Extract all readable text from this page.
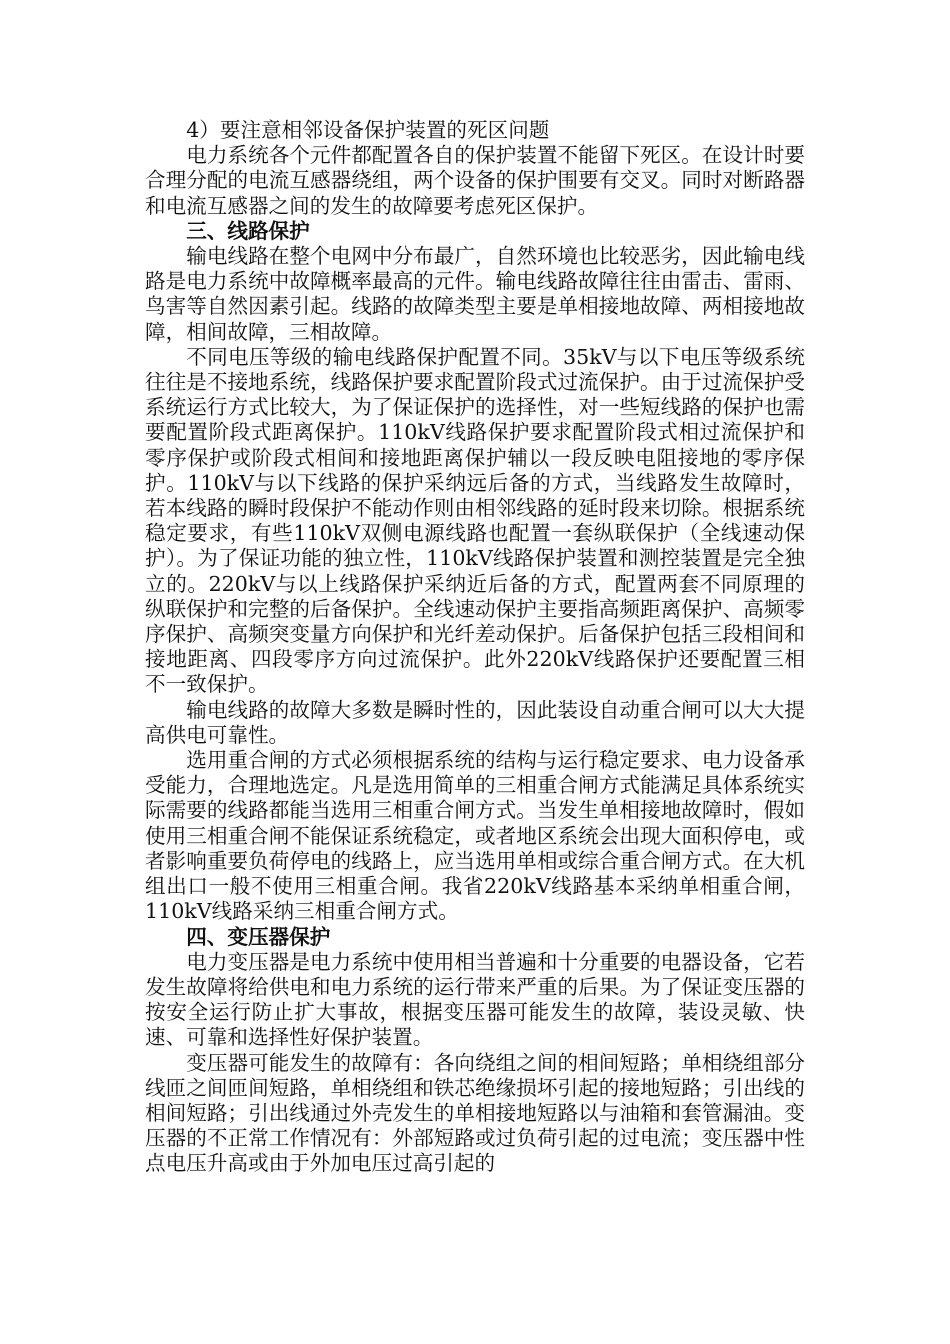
4）要注意相邻设备保护装置的死区问题

电力系统各个元件都配置各自的保护装置不能留下死区。在设计时要合理分配的电流互感器绕组，两个设备的保护围要有交叉。同时对断路器和电流互感器之间的发生的故障要考虑死区保护。

三、线路保护

输电线路在整个电网中分布最广，自然环境也比较恶劣，因此输电线路是电力系统中故障概率最高的元件。输电线路故障往往由雷击、雷雨、鸟害等自然因素引起。线路的故障类型主要是单相接地故障、两相接地故障，相间故障，三相故障。

不同电压等级的输电线路保护配置不同。35kV与以下电压等级系统往往是不接地系统，线路保护要求配置阶段式过流保护。由于过流保护受系统运行方式比较大，为了保证保护的选择性，对一些短线路的保护也需要配置阶段式距离保护。110kV线路保护要求配置阶段式相过流保护和零序保护或阶段式相间和接地距离保护辅以一段反映电阻接地的零序保护。110kV与以下线路的保护采纳远后备的方式，当线路发生故障时，若本线路的瞬时段保护不能动作则由相邻线路的延时段来切除。根据系统稳定要求，有些110kV双侧电源线路也配置一套纵联保护（全线速动保护）。为了保证功能的独立性，110kV线路保护装置和测控装置是完全独立的。220kV与以上线路保护采纳近后备的方式，配置两套不同原理的纵联保护和完整的后备保护。全线速动保护主要指高频距离保护、高频零序保护、高频突变量方向保护和光纤差动保护。后备保护包括三段相间和接地距离、四段零序方向过流保护。此外220kV线路保护还要配置三相不一致保护。

输电线路的故障大多数是瞬时性的，因此装设自动重合闸可以大大提高供电可靠性。

选用重合闸的方式必须根据系统的结构与运行稳定要求、电力设备承受能力，合理地选定。凡是选用简单的三相重合闸方式能满足具体系统实际需要的线路都能当选用三相重合闸方式。当发生单相接地故障时，假如使用三相重合闸不能保证系统稳定，或者地区系统会出现大面积停电，或者影响重要负荷停电的线路上，应当选用单相或综合重合闸方式。在大机组出口一般不使用三相重合闸。我省220kV线路基本采纳单相重合闸，110kV线路采纳三相重合闸方式。

四、变压器保护

电力变压器是电力系统中使用相当普遍和十分重要的电器设备，它若发生故障将给供电和电力系统的运行带来严重的后果。为了保证变压器的按安全运行防止扩大事故，根据变压器可能发生的故障，装设灵敏、快速、可靠和选择性好保护装置。

变压器可能发生的故障有：各向绕组之间的相间短路；单相绕组部分线匝之间匝间短路，单相绕组和铁芯绝缘损坏引起的接地短路；引出线的相间短路；引出线通过外壳发生的单相接地短路以与油箱和套管漏油。变压器的不正常工作情况有：外部短路或过负荷引起的过电流；变压器中性点电压升高或由于外加电压过高引起的
